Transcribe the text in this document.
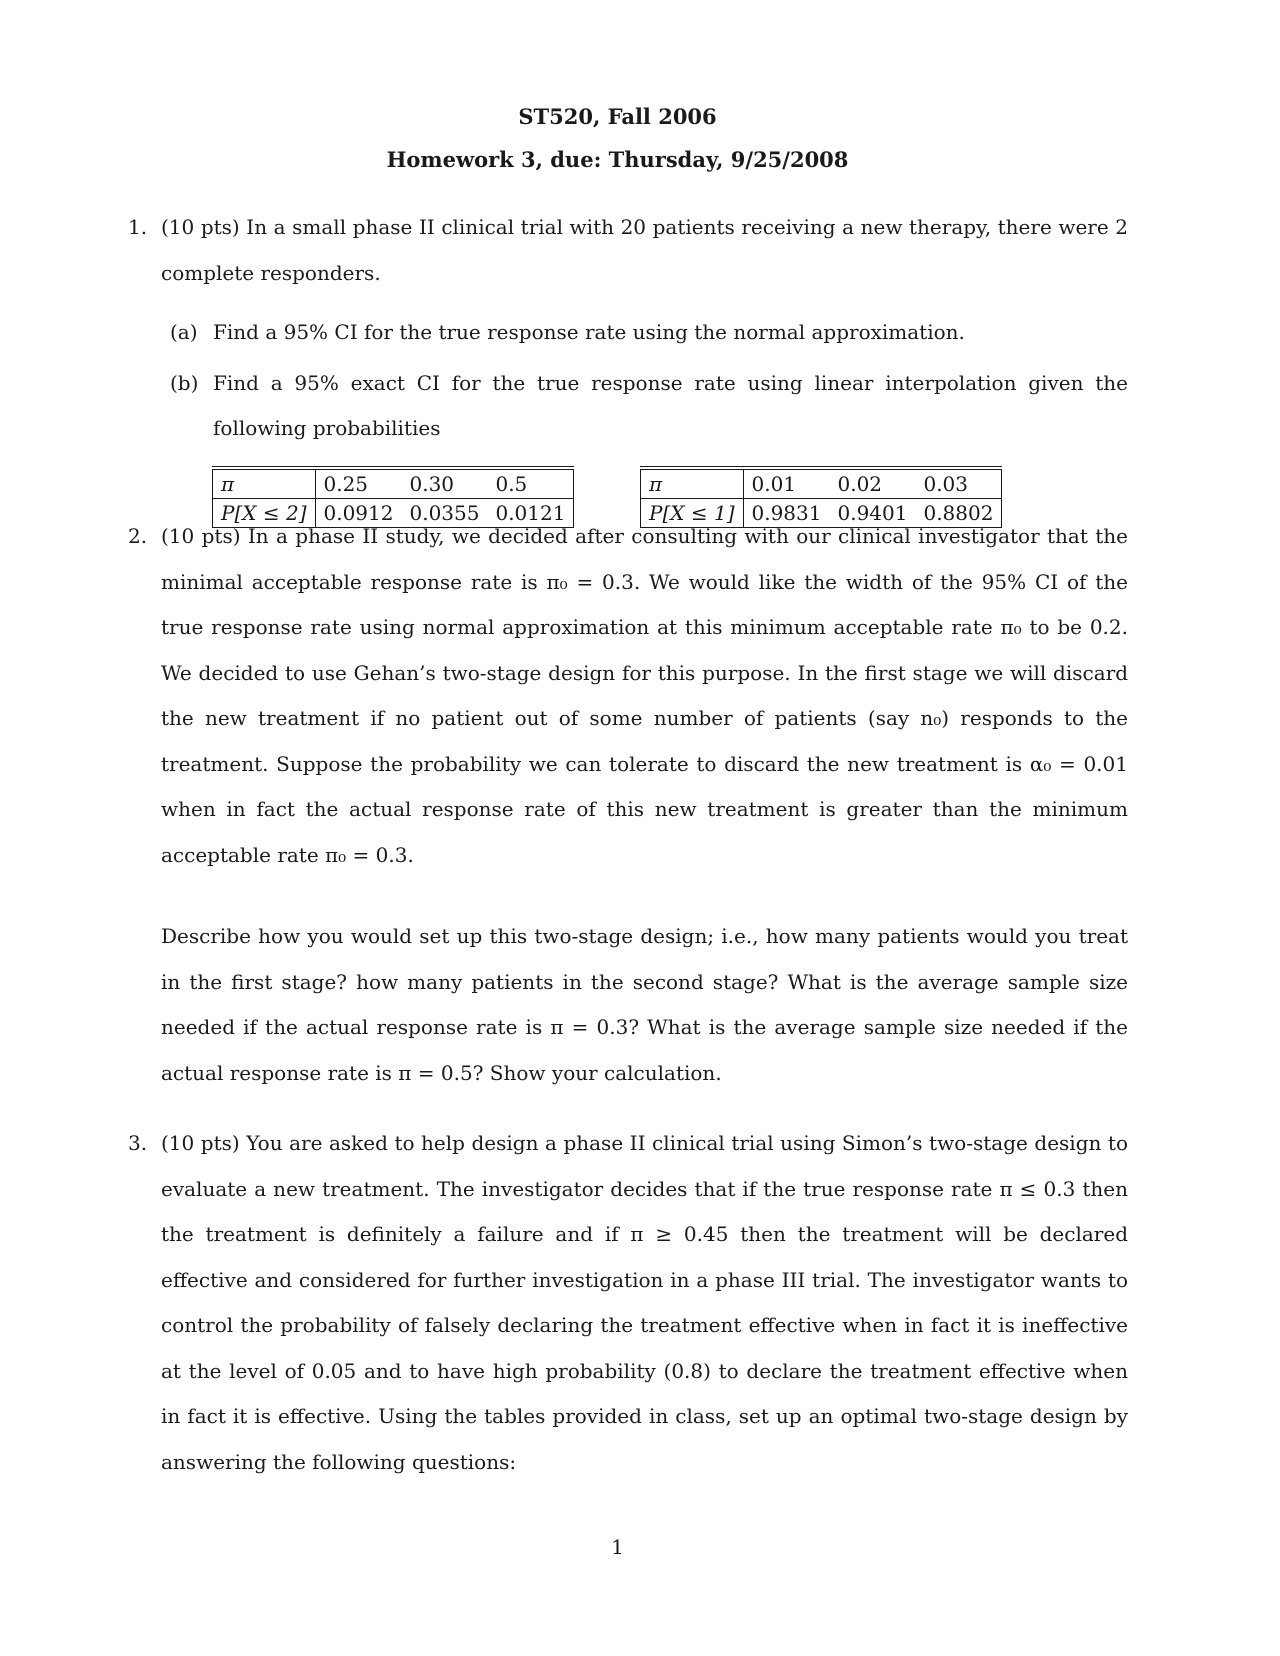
ST520, Fall 2006
Homework 3, due: Thursday, 9/25/2008
1. (10 pts) In a small phase II clinical trial with 20 patients receiving a new therapy, there were 2 complete responders.
(a) Find a 95% CI for the true response rate using the normal approximation.
(b) Find a 95% exact CI for the true response rate using linear interpolation given the following probabilities
π	0.25	0.30	0.5
P[X ≤ 2]	0.0912	0.0355	0.0121
π	0.01	0.02	0.03
P[X ≤ 1]	0.9831	0.9401	0.8802
2. (10 pts) In a phase II study, we decided after consulting with our clinical investigator that the minimal acceptable response rate is π₀ = 0.3. We would like the width of the 95% CI of the true response rate using normal approximation at this minimum acceptable rate π₀ to be 0.2. We decided to use Gehan’s two-stage design for this purpose. In the first stage we will discard the new treatment if no patient out of some number of patients (say n₀) responds to the treatment. Suppose the probability we can tolerate to discard the new treatment is α₀ = 0.01 when in fact the actual response rate of this new treatment is greater than the minimum acceptable rate π₀ = 0.3.
Describe how you would set up this two-stage design; i.e., how many patients would you treat in the first stage? how many patients in the second stage? What is the average sample size needed if the actual response rate is π = 0.3? What is the average sample size needed if the actual response rate is π = 0.5? Show your calculation.
3. (10 pts) You are asked to help design a phase II clinical trial using Simon’s two-stage design to evaluate a new treatment. The investigator decides that if the true response rate π ≤ 0.3 then the treatment is definitely a failure and if π ≥ 0.45 then the treatment will be declared effective and considered for further investigation in a phase III trial. The investigator wants to control the probability of falsely declaring the treatment effective when in fact it is ineffective at the level of 0.05 and to have high probability (0.8) to declare the treatment effective when in fact it is effective. Using the tables provided in class, set up an optimal two-stage design by answering the following questions:
1
